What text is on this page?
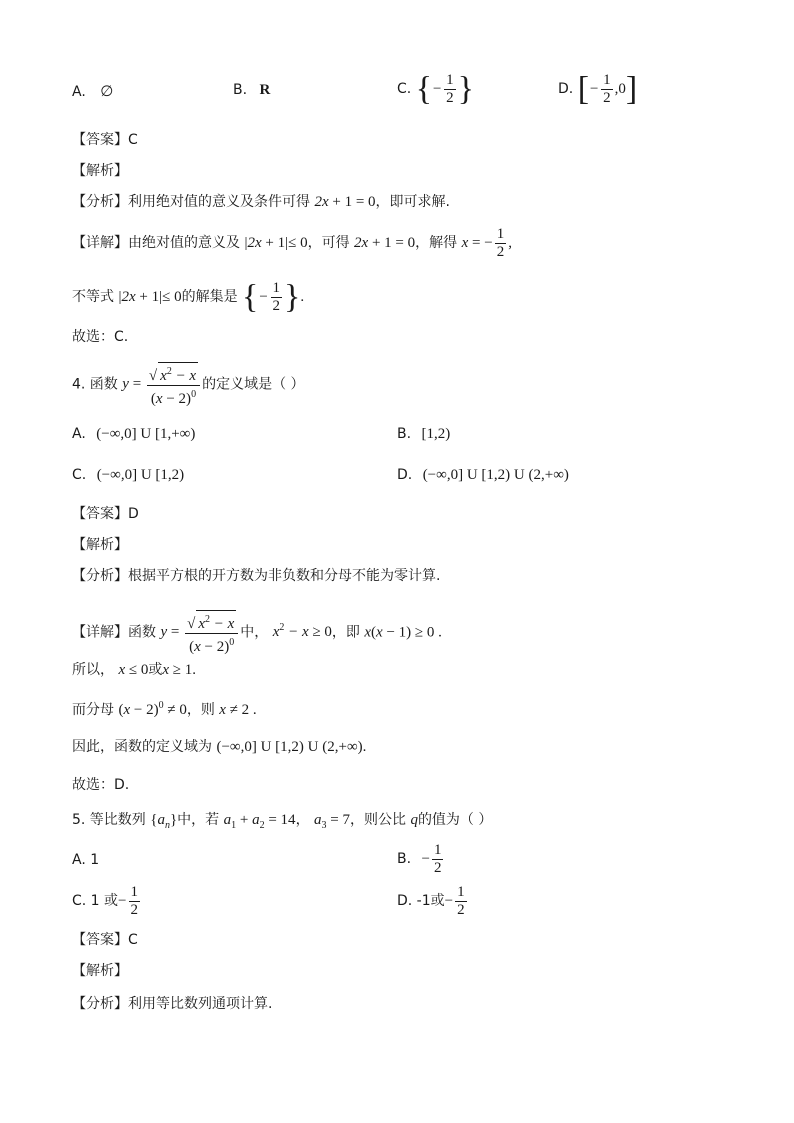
A. ∅	B. R	C. {− $\frac{1}{2}$ }	D. [− $\frac{1}{2} ,0$]
【答案】C
【解析】
【分析】利用绝对值的意义及条件可得 2x + 1 = 0，即可求解.
【详解】由绝对值的意义及 |2x + 1|≤ 0，可得 2x + 1 = 0，解得 x = − $\frac{1}{2}$ ,
不等式 |2x + 1|≤ 0的解集是 {− $\frac{1}{2}$ }.
故选：C.
4. 函数 $y = \frac{√ x^2 - x}{(x - 2)^0}$ 的定义域是（ ）
A. (−∞,0] U [1,+∞)	B. [1,2)
C. (−∞,0] U [1,2)	D. (−∞,0] U [1,2) U (2,+∞)
【答案】D
【解析】
【分析】根据平方根的开方数为非负数和分母不能为零计算.
【详解】函数 $y = \frac{√ x^2 - x}{(x - 2)^0}$ 中， $x^2 - x \ge 0$，即 x(x − 1) ≥ 0 .
所以， x ≤ 0或x ≥ 1.
而分母 $(x - 2)^0 \ne 0$，则 x ≠ 2 .
因此，函数的定义域为 (−∞,0] U [1,2) U (2,+∞).
故选：D.
5. 等比数列 $\{a_n\}$中，若 $a_1 + a_2 = 14$， $a_3 = 7$，则公比 q的值为（ ）
A. 1	B. − $\frac{1}{2}$
C. 1 或− $\frac{1}{2}$	D. -1或− $\frac{1}{2}$
【答案】C
【解析】
【分析】利用等比数列通项计算.
